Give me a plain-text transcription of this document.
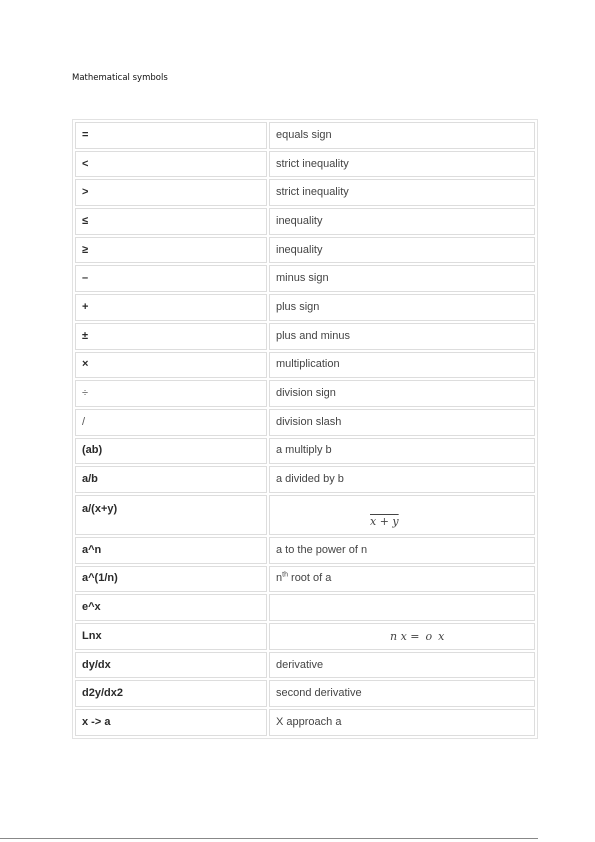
Mathematical symbols
=	equals sign
<	strict inequality
>	strict inequality
≤	inequality
≥	inequality
–	minus sign
+	plus sign
±	plus and minus
×	multiplication
÷	division sign
/	division slash
(ab)	a multiply b
a/b	a divided by b
a/(x+y)	x + y
a^n	a to the power of n
a^(1/n)	$n^{th}$ root of a
e^x	
Lnx	n x = o x
dy/dx	derivative
d2y/dx2	second derivative
x -> a	X approach a
